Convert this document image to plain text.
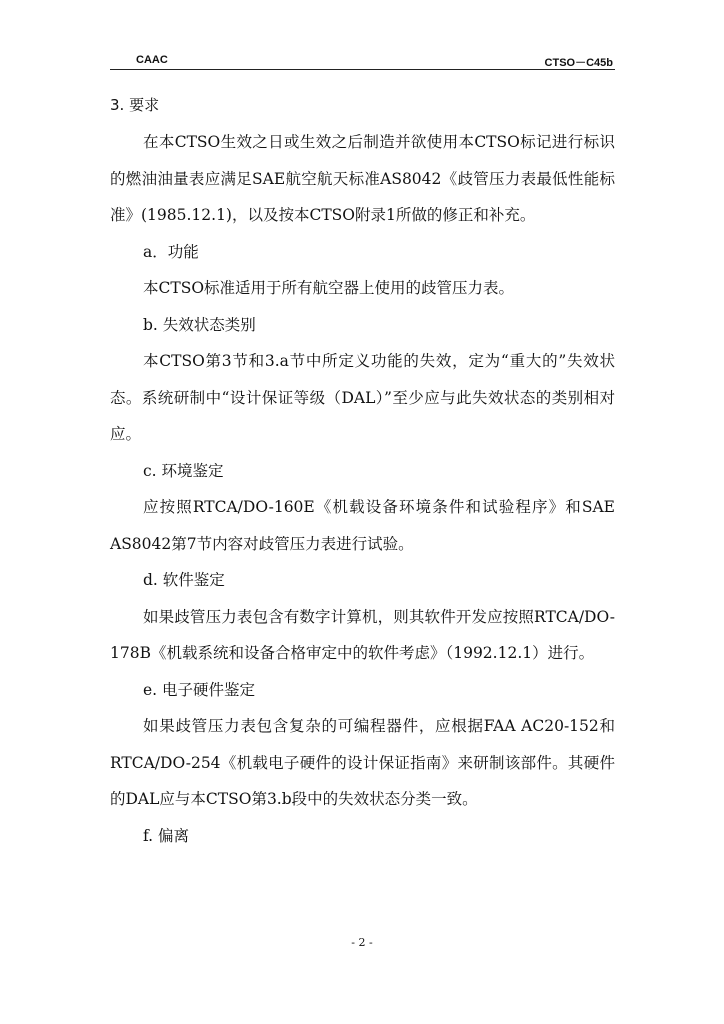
CAAC	CTSO－C45b

3. 要求

在本CTSO生效之日或生效之后制造并欲使用本CTSO标记进行标识的燃油油量表应满足SAE航空航天标准AS8042《歧管压力表最低性能标准》(1985.12.1)，以及按本CTSO附录1所做的修正和补充。

a．功能

本CTSO标准适用于所有航空器上使用的歧管压力表。

b. 失效状态类别

本CTSO第3节和3.a节中所定义功能的失效，定为“重大的”失效状态。系统研制中“设计保证等级（DAL）”至少应与此失效状态的类别相对应。

c. 环境鉴定

应按照RTCA/DO-160E《机载设备环境条件和试验程序》和SAE AS8042第7节内容对歧管压力表进行试验。

d. 软件鉴定

如果歧管压力表包含有数字计算机，则其软件开发应按照RTCA/DO-178B《机载系统和设备合格审定中的软件考虑》（1992.12.1）进行。

e. 电子硬件鉴定

如果歧管压力表包含复杂的可编程器件，应根据FAA AC20-152和 RTCA/DO-254《机载电子硬件的设计保证指南》来研制该部件。其硬件的DAL应与本CTSO第3.b段中的失效状态分类一致。

f. 偏离

- 2 -
